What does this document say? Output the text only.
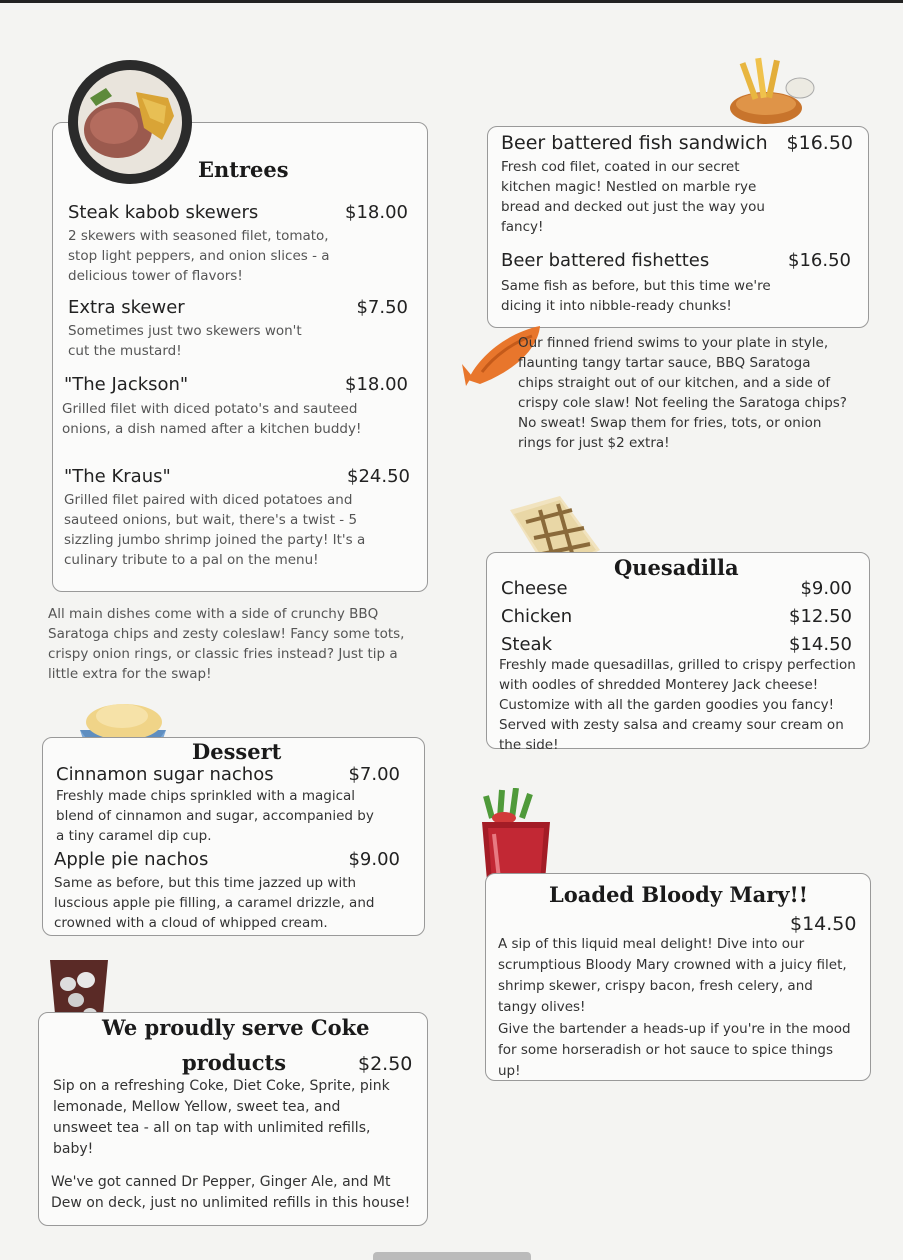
Entrees
Steak kabob skewers	$18.00
2 skewers with seasoned filet, tomato, stop light peppers, and onion slices - a delicious tower of flavors!
Extra skewer	$7.50
Sometimes just two skewers won't cut the mustard!
"The Jackson"	$18.00
Grilled filet with diced potato's and sauteed onions, a dish named after a kitchen buddy!
"The Kraus"	$24.50
Grilled filet paired with diced potatoes and sauteed onions, but wait, there's a twist - 5 sizzling jumbo shrimp joined the party! It's a culinary tribute to a pal on the menu!
All main dishes come with a side of crunchy BBQ Saratoga chips and zesty coleslaw! Fancy some tots, crispy onion rings, or classic fries instead? Just tip a little extra for the swap!
Beer battered fish sandwich $16.50
Fresh cod filet, coated in our secret kitchen magic! Nestled on marble rye bread and decked out just the way you fancy!
Beer battered fishettes	$16.50
Same fish as before, but this time we're dicing it into nibble-ready chunks!
Our finned friend swims to your plate in style, flaunting tangy tartar sauce, BBQ Saratoga chips straight out of our kitchen, and a side of crispy cole slaw! Not feeling the Saratoga chips? No sweat! Swap them for fries, tots, or onion rings for just $2 extra!
Quesadilla
Cheese	$9.00
Chicken	$12.50
Steak	$14.50
Freshly made quesadillas, grilled to crispy perfection with oodles of shredded Monterey Jack cheese! Customize with all the garden goodies you fancy! Served with zesty salsa and creamy sour cream on the side!
Dessert
Cinnamon sugar nachos	$7.00
Freshly made chips sprinkled with a magical blend of cinnamon and sugar, accompanied by a tiny caramel dip cup.
Apple pie nachos	$9.00
Same as before, but this time jazzed up with luscious apple pie filling, a caramel drizzle, and crowned with a cloud of whipped cream.
Loaded Bloody Mary!!
$14.50
A sip of this liquid meal delight! Dive into our scrumptious Bloody Mary crowned with a juicy filet, shrimp skewer, crispy bacon, fresh celery, and tangy olives!
Give the bartender a heads-up if you're in the mood for some horseradish or hot sauce to spice things up!
We proudly serve Coke
products	$2.50
Sip on a refreshing Coke, Diet Coke, Sprite, pink lemonade, Mellow Yellow, sweet tea, and unsweet tea - all on tap with unlimited refills, baby!
We've got canned Dr Pepper, Ginger Ale, and Mt Dew on deck, just no unlimited refills in this house!
